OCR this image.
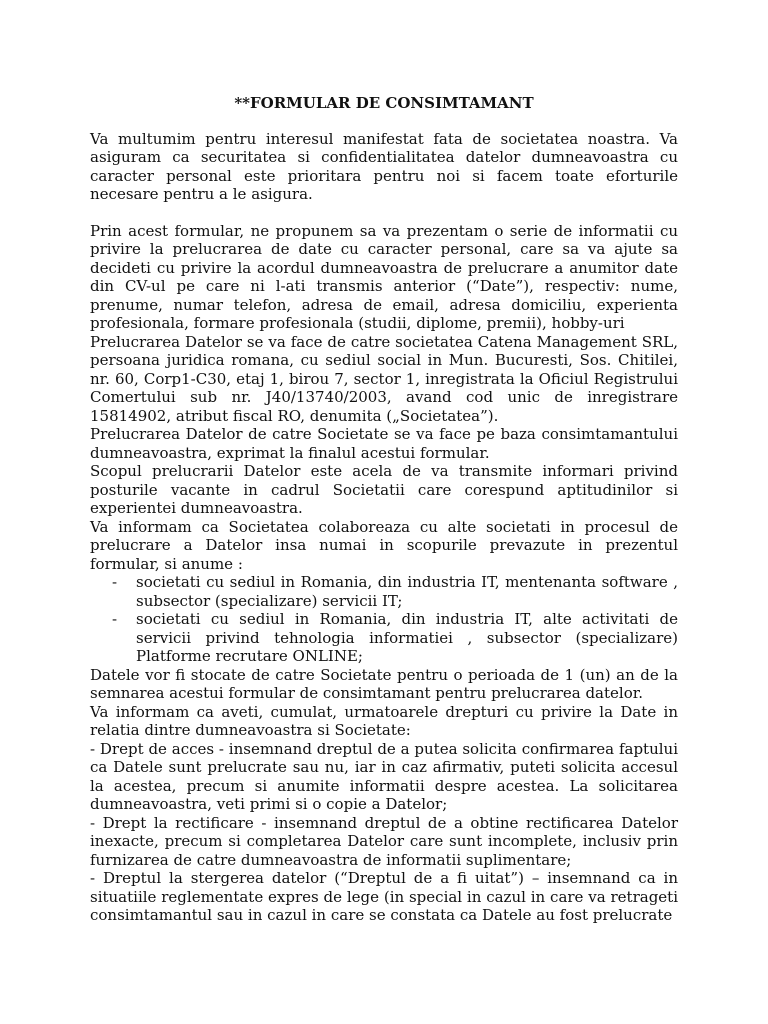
**FORMULAR DE CONSIMTAMANT

Va multumim pentru interesul manifestat fata de societatea noastra. Va asiguram ca securitatea si confidentialitatea datelor dumneavoastra cu caracter personal este prioritara pentru noi si facem toate eforturile necesare pentru a le asigura.

Prin acest formular, ne propunem sa va prezentam o serie de informatii cu privire la prelucrarea de date cu caracter personal, care sa va ajute sa decideti cu privire la acordul dumneavoastra de prelucrare a anumitor date din CV-ul pe care ni l-ati transmis anterior (“Date”), respectiv: nume, prenume, numar telefon, adresa de email, adresa domiciliu, experienta profesionala, formare profesionala (studii, diplome, premii), hobby-uri

Prelucrarea Datelor se va face de catre societatea Catena Management SRL, persoana juridica romana, cu sediul social in Mun. Bucuresti, Sos. Chitilei, nr. 60, Corp1-C30, etaj 1, birou 7, sector 1, inregistrata la Oficiul Registrului Comertului sub nr. J40/13740/2003, avand cod unic de inregistrare 15814902, atribut fiscal RO, denumita („Societatea”).

Prelucrarea Datelor de catre Societate se va face pe baza consimtamantului dumneavoastra, exprimat la finalul acestui formular.

Scopul prelucrarii Datelor este acela de va transmite informari privind posturile vacante in cadrul Societatii care corespund aptitudinilor si experientei dumneavoastra.

Va informam ca Societatea colaboreaza cu alte societati in procesul de prelucrare a Datelor insa numai in scopurile prevazute in prezentul formular, si anume :

- societati cu sediul in Romania, din industria IT, mentenanta software , subsector (specializare) servicii IT;
- societati cu sediul in Romania, din industria IT, alte activitati de servicii privind tehnologia informatiei , subsector (specializare) Platforme recrutare ONLINE;

Datele vor fi stocate de catre Societate pentru o perioada de 1 (un) an de la semnarea acestui formular de consimtamant pentru prelucrarea datelor.

Va informam ca aveti, cumulat, urmatoarele drepturi cu privire la Date in relatia dintre dumneavoastra si Societate:

- Drept de acces - insemnand dreptul de a putea solicita confirmarea faptului ca Datele sunt prelucrate sau nu, iar in caz afirmativ, puteti solicita accesul la acestea, precum si anumite informatii despre acestea. La solicitarea dumneavoastra, veti primi si o copie a Datelor;

- Drept la rectificare - insemnand dreptul de a obtine rectificarea Datelor inexacte, precum si completarea Datelor care sunt incomplete, inclusiv prin furnizarea de catre dumneavoastra de informatii suplimentare;

- Dreptul la stergerea datelor (“Dreptul de a fi uitat”) – insemnand ca in situatiile reglementate expres de lege (in special in cazul in care va retrageti consimtamantul sau in cazul in care se constata ca Datele au fost prelucrate
